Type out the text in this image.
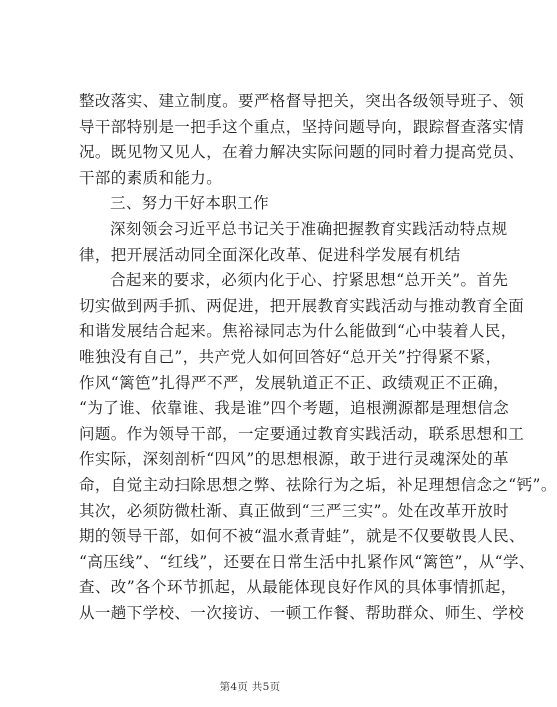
整改落实、建立制度。要严格督导把关，突出各级领导班子、领
导干部特别是一把手这个重点，坚持问题导向，跟踪督查落实情
况。既见物又见人，在着力解决实际问题的同时着力提高党员、
干部的素质和能力。
三、努力干好本职工作
深刻领会习近平总书记关于准确把握教育实践活动特点规
律，把开展活动同全面深化改革、促进科学发展有机结
合起来的要求，必须内化于心、拧紧思想“总开关”。首先
切实做到两手抓、两促进，把开展教育实践活动与推动教育全面
和谐发展结合起来。焦裕禄同志为什么能做到“心中装着人民，
唯独没有自己”，共产党人如何回答好“总开关”拧得紧不紧，
作风“篱笆”扎得严不严，发展轨道正不正、政绩观正不正确，
“为了谁、依靠谁、我是谁”四个考题，追根溯源都是理想信念
问题。作为领导干部，一定要通过教育实践活动，联系思想和工
作实际，深刻剖析“四风”的思想根源，敢于进行灵魂深处的革
命，自觉主动扫除思想之弊、祛除行为之垢，补足理想信念之“钙”。
其次，必须防微杜渐、真正做到“三严三实”。处在改革开放时
期的领导干部，如何不被“温水煮青蛙”，就是不仅要敬畏人民、
“高压线”、“红线”，还要在日常生活中扎紧作风“篱笆”，从“学、
查、改”各个环节抓起，从最能体现良好作风的具体事情抓起，
从一趟下学校、一次接访、一顿工作餐、帮助群众、师生、学校
第4页 共5页
